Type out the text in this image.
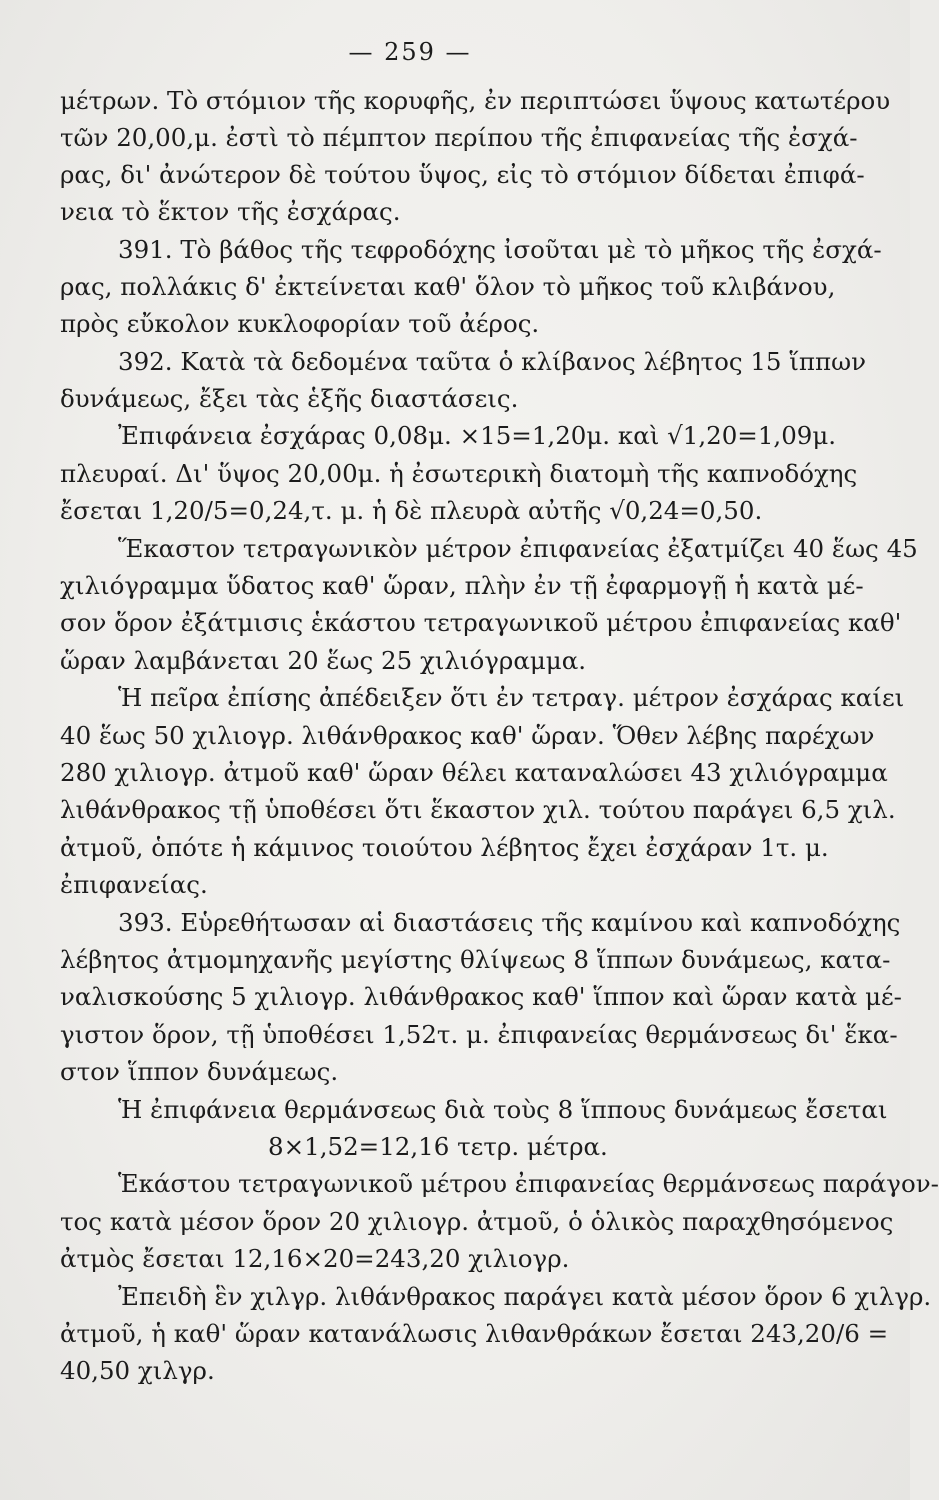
— 259 —
μέτρων. Τὸ στόμιον τῆς κορυφῆς, ἐν περιπτώσει ὕψους κατωτέρου
τῶν 20,00,μ. ἐστὶ τὸ πέμπτον περίπου τῆς ἐπιφανείας τῆς ἐσχά-
ρας, δι' ἀνώτερον δὲ τούτου ὕψος, εἰς τὸ στόμιον δίδεται ἐπιφά-
νεια τὸ ἕκτον τῆς ἐσχάρας.
391. Τὸ βάθος τῆς τεφροδόχης ἰσοῦται μὲ τὸ μῆκος τῆς ἐσχά-
ρας, πολλάκις δ' ἐκτείνεται καθ' ὅλον τὸ μῆκος τοῦ κλιβάνου,
πρὸς εὔκολον κυκλοφορίαν τοῦ ἀέρος.
392. Κατὰ τὰ δεδομένα ταῦτα ὁ κλίβανος λέβητος 15 ἵππων
δυνάμεως, ἔξει τὰς ἑξῆς διαστάσεις.
Ἐπιφάνεια ἐσχάρας 0,08μ. ×15=1,20μ. καὶ √1,20=1,09μ.
πλευραί. Δι' ὕψος 20,00μ. ἡ ἐσωτερικὴ διατομὴ τῆς καπνοδόχης
ἔσεται 1,20/5=0,24,τ. μ. ἡ δὲ πλευρὰ αὐτῆς √0,24=0,50.
Ἕκαστον τετραγωνικὸν μέτρον ἐπιφανείας ἐξατμίζει 40 ἕως 45
χιλιόγραμμα ὕδατος καθ' ὥραν, πλὴν ἐν τῇ ἐφαρμογῇ ἡ κατὰ μέ-
σον ὅρον ἐξάτμισις ἑκάστου τετραγωνικοῦ μέτρου ἐπιφανείας καθ'
ὥραν λαμβάνεται 20 ἕως 25 χιλιόγραμμα.
Ἡ πεῖρα ἐπίσης ἀπέδειξεν ὅτι ἐν τετραγ. μέτρον ἐσχάρας καίει
40 ἕως 50 χιλιογρ. λιθάνθρακος καθ' ὥραν. Ὅθεν λέβης παρέχων
280 χιλιογρ. ἀτμοῦ καθ' ὥραν θέλει καταναλώσει 43 χιλιόγραμμα
λιθάνθρακος τῇ ὑποθέσει ὅτι ἕκαστον χιλ. τούτου παράγει 6,5 χιλ.
ἀτμοῦ, ὁπότε ἡ κάμινος τοιούτου λέβητος ἔχει ἐσχάραν 1τ. μ.
ἐπιφανείας.
393. Εὑρεθήτωσαν αἱ διαστάσεις τῆς καμίνου καὶ καπνοδόχης
λέβητος ἀτμομηχανῆς μεγίστης θλίψεως 8 ἵππων δυνάμεως, κατα-
ναλισκούσης 5 χιλιογρ. λιθάνθρακος καθ' ἵππον καὶ ὥραν κατὰ μέ-
γιστον ὅρον, τῇ ὑποθέσει 1,52τ. μ. ἐπιφανείας θερμάνσεως δι' ἕκα-
στον ἵππον δυνάμεως.
Ἡ ἐπιφάνεια θερμάνσεως διὰ τοὺς 8 ἵππους δυνάμεως ἔσεται
8×1,52=12,16 τετρ. μέτρα.
Ἑκάστου τετραγωνικοῦ μέτρου ἐπιφανείας θερμάνσεως παράγον-
τος κατὰ μέσον ὅρον 20 χιλιογρ. ἀτμοῦ, ὁ ὁλικὸς παραχθησόμενος
ἀτμὸς ἔσεται 12,16×20=243,20 χιλιογρ.
Ἐπειδὴ ἓν χιλγρ. λιθάνθρακος παράγει κατὰ μέσον ὅρον 6 χιλγρ.
ἀτμοῦ, ἡ καθ' ὥραν κατανάλωσις λιθανθράκων ἔσεται 243,20/6 =
40,50 χιλγρ.
